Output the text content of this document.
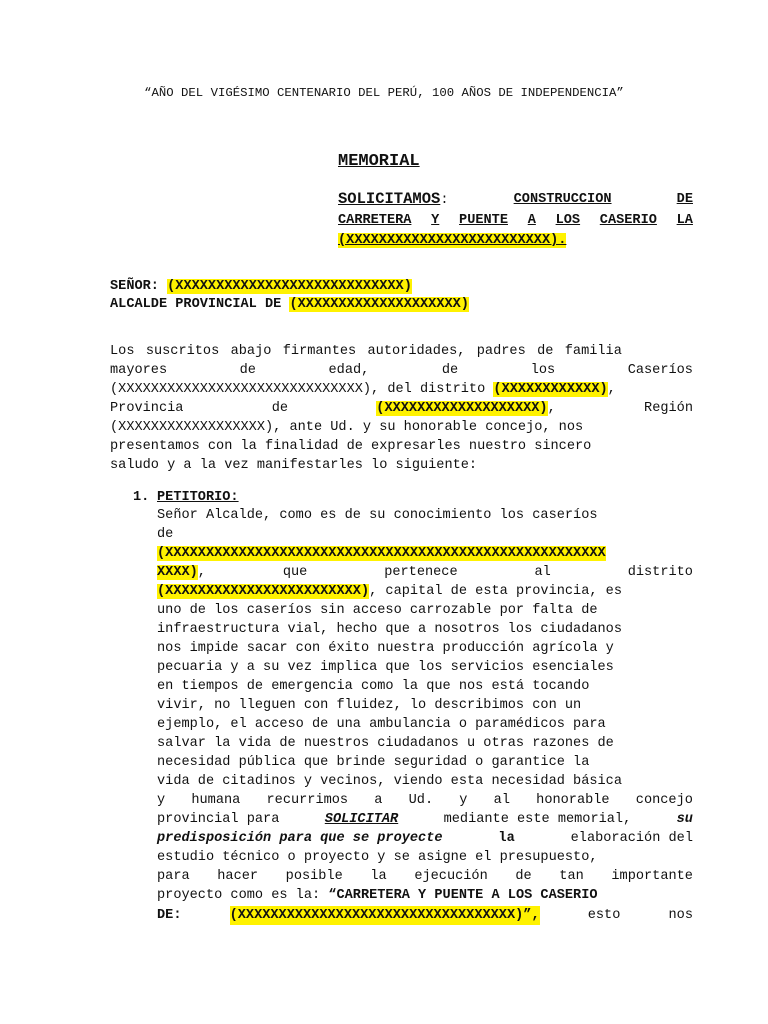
“AÑO DEL VIGÉSIMO CENTENARIO DEL PERÚ, 100 AÑOS DE INDEPENDENCIA”
MEMORIAL
SOLICITAMOS:	CONSTRUCCION	DE
CARRETERA Y PUENTE A LOS CASERIO LA
(XXXXXXXXXXXXXXXXXXXXXXXXX).
SEÑOR: (XXXXXXXXXXXXXXXXXXXXXXXXXXXX)
ALCALDE PROVINCIAL DE (XXXXXXXXXXXXXXXXXXXX)
Los suscritos abajo firmantes autoridades, padres de familia
mayores	de	edad,	de	los	Caseríos
(XXXXXXXXXXXXXXXXXXXXXXXXXXXXXX), del distrito (XXXXXXXXXXXX),
Provincia	de	(XXXXXXXXXXXXXXXXXXX),	Región
(XXXXXXXXXXXXXXXXXX), ante Ud. y su honorable concejo, nos
presentamos con la finalidad de expresarles nuestro sincero
saludo y a la vez manifestarles lo siguiente:
1. PETITORIO:
Señor Alcalde, como es de su conocimiento los caseríos
de
(XXXXXXXXXXXXXXXXXXXXXXXXXXXXXXXXXXXXXXXXXXXXXXXXXXXXXX
XXXX),	que	pertenece	al	distrito
(XXXXXXXXXXXXXXXXXXXXXXXX), capital de esta provincia, es
uno de los caseríos sin acceso carrozable por falta de
infraestructura vial, hecho que a nosotros los ciudadanos
nos impide sacar con éxito nuestra producción agrícola y
pecuaria y a su vez implica que los servicios esenciales
en tiempos de emergencia como la que nos está tocando
vivir, no lleguen con fluidez, lo describimos con un
ejemplo, el acceso de una ambulancia o paramédicos para
salvar la vida de nuestros ciudadanos u otras razones de
necesidad pública que brinde seguridad o garantice la
vida de citadinos y vecinos, viendo esta necesidad básica
y humana recurrimos a Ud. y al honorable concejo
provincial para	SOLICITAR	mediante este memorial,	su
predisposición para que se proyecte	la	elaboración del
estudio técnico o proyecto y se asigne el presupuesto,
para hacer posible la ejecución de tan importante
proyecto como es la: “CARRETERA Y PUENTE A LOS CASERIO
DE:	(XXXXXXXXXXXXXXXXXXXXXXXXXXXXXXXXXX)”,	esto	nos
